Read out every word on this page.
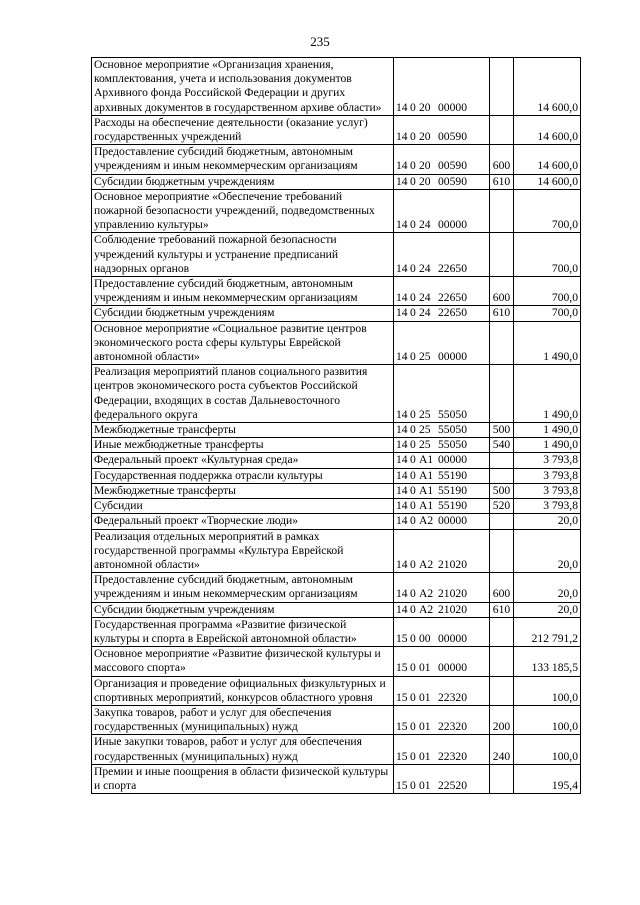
235
Основное мероприятие «Организация хранения, комплектования, учета и использования документов Архивного фонда Российской Федерации и других архивных документов в государственном архиве области»	14 0 20 00000		14 600,0
Расходы на обеспечение деятельности (оказание услуг) государственных учреждений	14 0 20 00590		14 600,0
Предоставление субсидий бюджетным, автономным учреждениям и иным некоммерческим организациям	14 0 20 00590	600	14 600,0
Субсидии бюджетным учреждениям	14 0 20 00590	610	14 600,0
Основное мероприятие «Обеспечение требований пожарной безопасности учреждений, подведомственных управлению культуры»	14 0 24 00000		700,0
Соблюдение требований пожарной безопасности учреждений культуры и устранение предписаний надзорных органов	14 0 24 22650		700,0
Предоставление субсидий бюджетным, автономным учреждениям и иным некоммерческим организациям	14 0 24 22650	600	700,0
Субсидии бюджетным учреждениям	14 0 24 22650	610	700,0
Основное мероприятие «Социальное развитие центров экономического роста сферы культуры Еврейской автономной области»	14 0 25 00000		1 490,0
Реализация мероприятий планов социального развития центров экономического роста субъектов Российской Федерации, входящих в состав Дальневосточного федерального округа	14 0 25 55050		1 490,0
Межбюджетные трансферты	14 0 25 55050	500	1 490,0
Иные межбюджетные трансферты	14 0 25 55050	540	1 490,0
Федеральный проект «Культурная среда»	14 0 A1 00000		3 793,8
Государственная поддержка отрасли культуры	14 0 A1 55190		3 793,8
Межбюджетные трансферты	14 0 A1 55190	500	3 793,8
Субсидии	14 0 A1 55190	520	3 793,8
Федеральный проект «Творческие люди»	14 0 A2 00000		20,0
Реализация отдельных мероприятий в рамках государственной программы «Культура Еврейской автономной области»	14 0 A2 21020		20,0
Предоставление субсидий бюджетным, автономным учреждениям и иным некоммерческим организациям	14 0 A2 21020	600	20,0
Субсидии бюджетным учреждениям	14 0 A2 21020	610	20,0
Государственная программа «Развитие физической культуры и спорта в Еврейской автономной области»	15 0 00 00000		212 791,2
Основное мероприятие «Развитие физической культуры и массового спорта»	15 0 01 00000		133 185,5
Организация и проведение официальных физкультурных и спортивных мероприятий, конкурсов областного уровня	15 0 01 22320		100,0
Закупка товаров, работ и услуг для обеспечения государственных (муниципальных) нужд	15 0 01 22320	200	100,0
Иные закупки товаров, работ и услуг для обеспечения государственных (муниципальных) нужд	15 0 01 22320	240	100,0
Премии и иные поощрения в области физической культуры и спорта	15 0 01 22520		195,4
